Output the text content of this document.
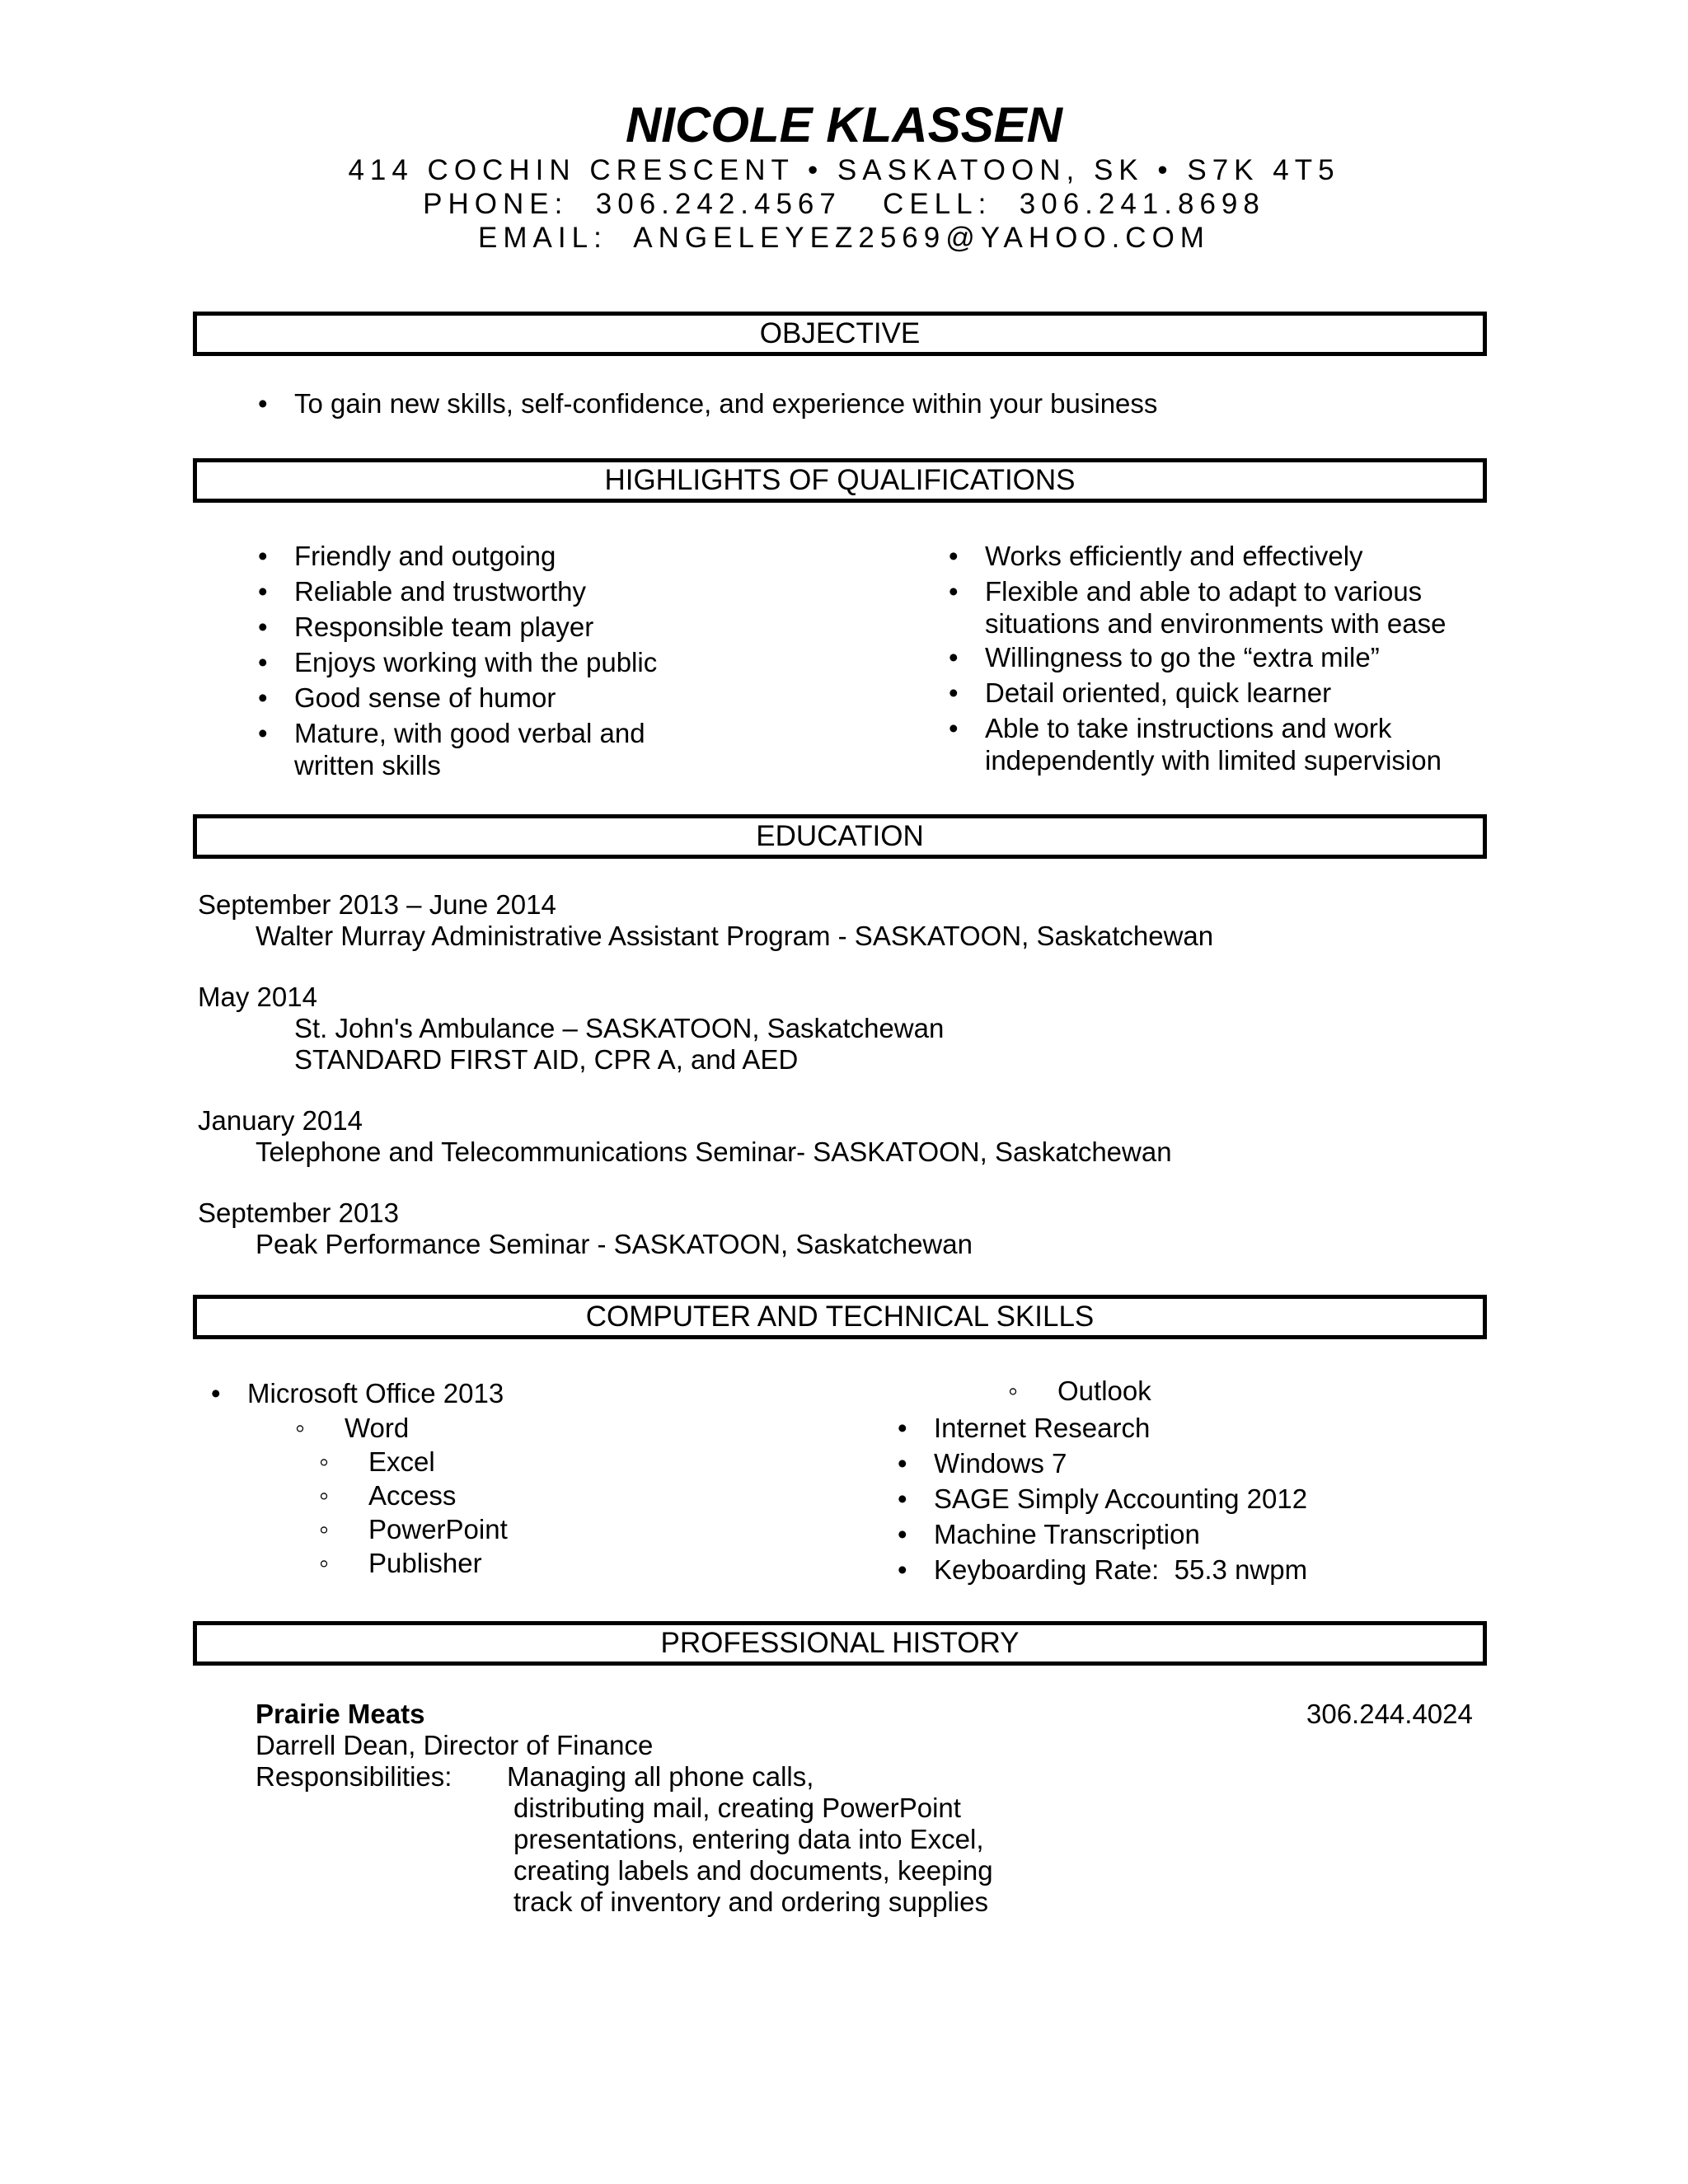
NICOLE KLASSEN
414 COCHIN CRESCENT • SASKATOON, SK • S7K 4T5
PHONE:  306.242.4567   CELL:  306.241.8698
EMAIL:  ANGELEYEZ2569@YAHOO.COM
OBJECTIVE
• To gain new skills, self-confidence, and experience within your business
HIGHLIGHTS OF QUALIFICATIONS
• Friendly and outgoing
• Reliable and trustworthy
• Responsible team player
• Enjoys working with the public
• Good sense of humor
• Mature, with good verbal and
written skills
• Works efficiently and effectively
• Flexible and able to adapt to various
situations and environments with ease
• Willingness to go the “extra mile”
• Detail oriented, quick learner
• Able to take instructions and work
independently with limited supervision
EDUCATION
September 2013 – June 2014
Walter Murray Administrative Assistant Program - SASKATOON, Saskatchewan
May 2014
St. John's Ambulance – SASKATOON, Saskatchewan
STANDARD FIRST AID, CPR A, and AED
January 2014
Telephone and Telecommunications Seminar- SASKATOON, Saskatchewan
September 2013
Peak Performance Seminar - SASKATOON, Saskatchewan
COMPUTER AND TECHNICAL SKILLS
• Microsoft Office 2013
◦ Word
◦ Excel
◦ Access
◦ PowerPoint
◦ Publisher
◦ Outlook
• Internet Research
• Windows 7
• SAGE Simply Accounting 2012
• Machine Transcription
• Keyboarding Rate:  55.3 nwpm
PROFESSIONAL HISTORY
Prairie Meats	306.244.4024
Darrell Dean, Director of Finance
Responsibilities: Managing all phone calls,
distributing mail, creating PowerPoint
presentations, entering data into Excel,
creating labels and documents, keeping
track of inventory and ordering supplies
